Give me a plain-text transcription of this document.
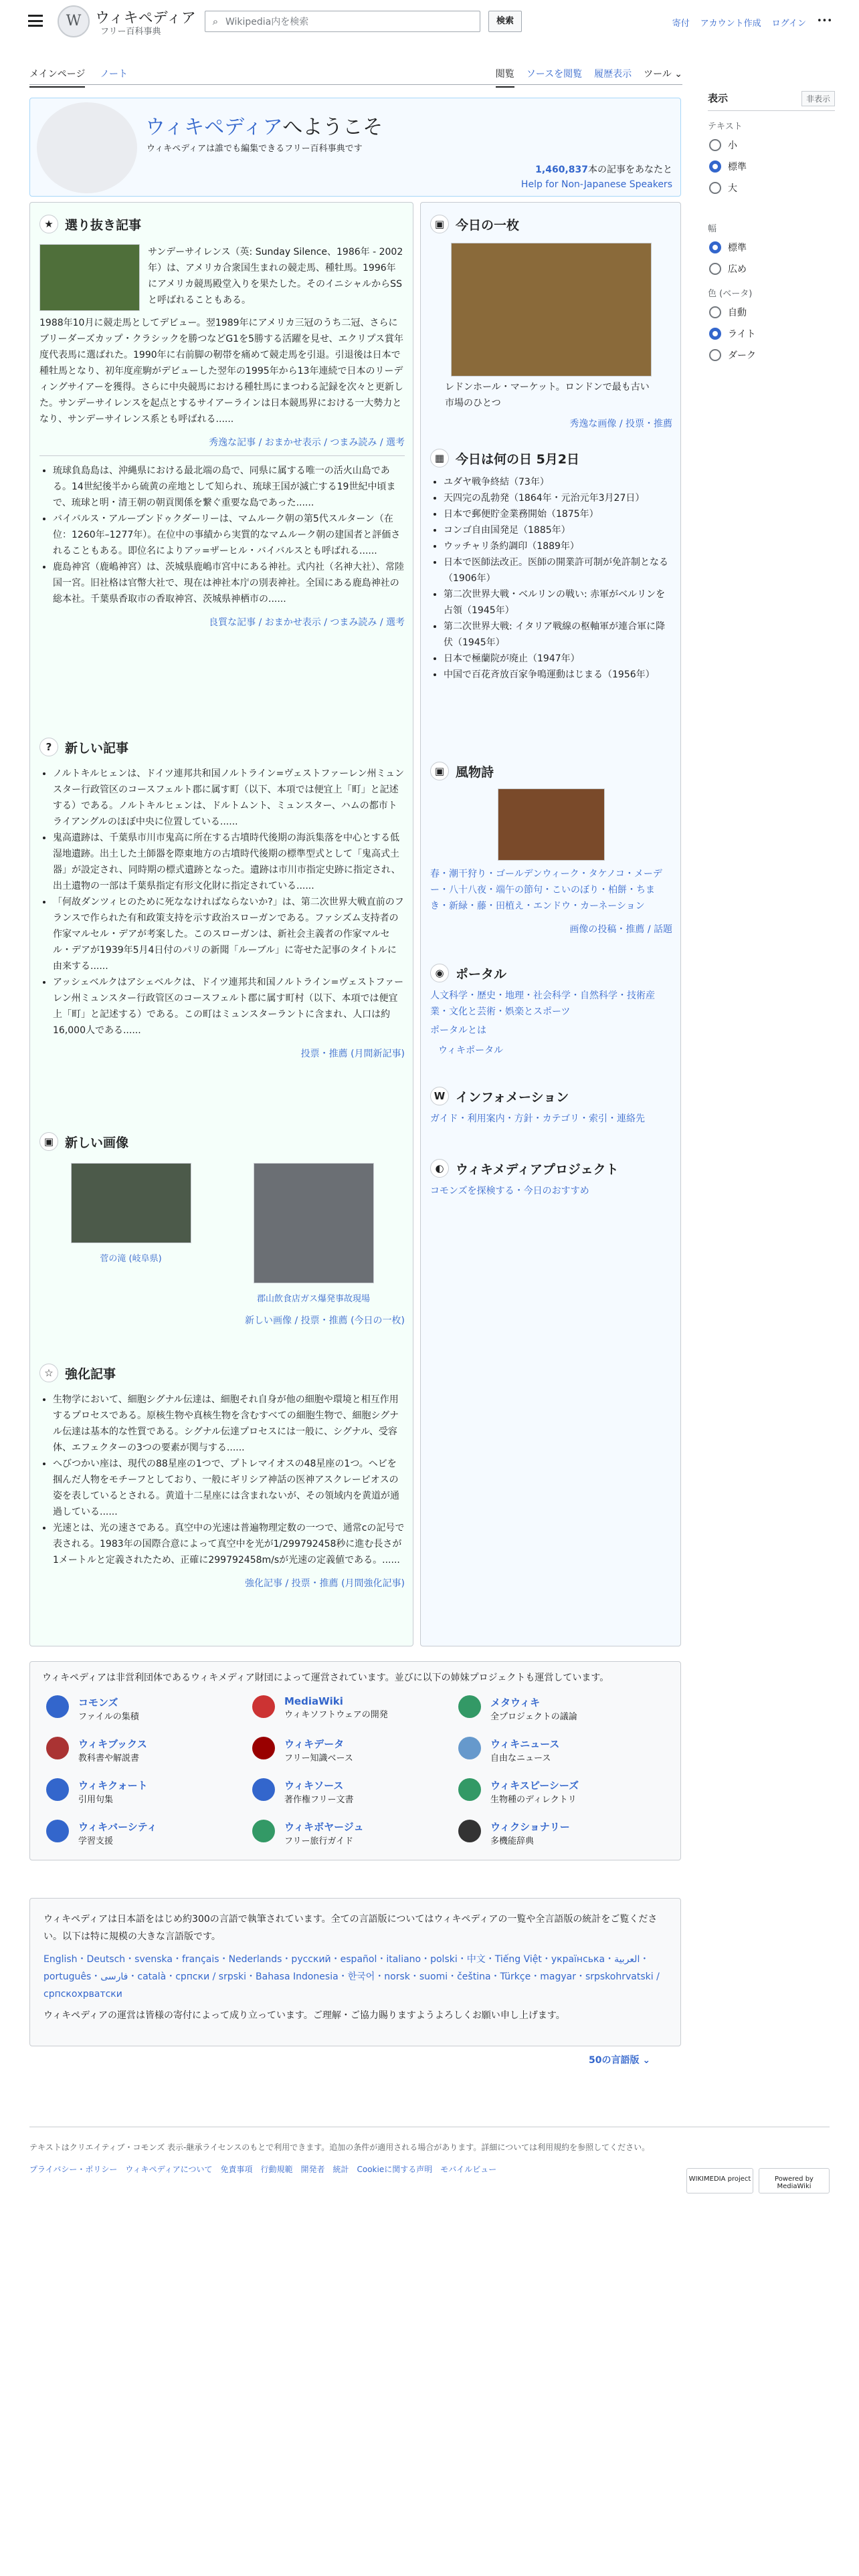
W
ウィキペディア
フリー百科事典
⌕ Wikipedia内を検索	検索	寄付 アカウント作成 ログイン •••
メインページ ノート	閲覧 ソースを閲覧 履歴表示 ツール ⌄
表示	非表示
テキスト
小
標準
大
幅
標準
広め
色 (ベータ)
自動
ライト
ダーク
ウィキペディアへようこそ
ウィキペディアは誰でも編集できるフリー百科事典です
1,460,837本の記事をあなたと
Help for Non-Japanese Speakers
★ 選り抜き記事
サンデーサイレンス（英: Sunday Silence、1986年 - 2002年）は、アメリカ合衆国生まれの競走馬、種牡馬。1996年にアメリカ競馬殿堂入りを果たした。そのイニシャルからSSと呼ばれることもある。
1988年10月に競走馬としてデビュー。翌1989年にアメリカ三冠のうち二冠、さらにブリーダーズカップ・クラシックを勝つなどG1を5勝する活躍を見せ、エクリプス賞年度代表馬に選ばれた。1990年に右前脚の靭帯を痛めて競走馬を引退。引退後は日本で種牡馬となり、初年度産駒がデビューした翌年の1995年から13年連続で日本のリーディングサイアーを獲得。さらに中央競馬における種牡馬にまつわる記録を次々と更新した。サンデーサイレンスを起点とするサイアーラインは日本競馬界における一大勢力となり、サンデーサイレンス系とも呼ばれる......
秀逸な記事 / おまかせ表示 / つまみ読み / 選考
• 琉球負島島は、沖縄県における最北端の島で、同県に属する唯一の活火山島である。14世紀後半から硫黄の産地として知られ、琉球王国が滅亡する19世紀中頃まで、琉球と明・清王朝の朝貢関係を繋ぐ重要な島であった......
• バイバルス・アルーブンドゥクダーリーは、マムルーク朝の第5代スルターン（在位：1260年–1277年）。在位中の事績から実質的なマムルーク朝の建国者と評価されることもある。即位名によりアッ=ザーヒル・バイバルスとも呼ばれる......
• 鹿島神宮（鹿嶋神宮）は、茨城県鹿嶋市宮中にある神社。式内社（名神大社）、常陸国一宮。旧社格は官幣大社で、現在は神社本庁の別表神社。全国にある鹿島神社の総本社。千葉県香取市の香取神宮、茨城県神栖市の......
良質な記事 / おまかせ表示 / つまみ読み / 選考
?	新しい記事
• ノルトキルヒェンは、ドイツ連邦共和国ノルトライン=ヴェストファーレン州ミュンスター行政管区のコースフェルト郡に属す町（以下、本項では便宜上「町」と記述する）である。ノルトキルヒェンは、ドルトムント、ミュンスター、ハムの都市トライアングルのほぼ中央に位置している......
• 鬼高遺跡は、千葉県市川市鬼高に所在する古墳時代後期の海浜集落を中心とする低湿地遺跡。出土した土師器を際東地方の古墳時代後期の標準型式として「鬼高式土器」が設定され、同時期の標式遺跡となった。遺跡は市川市指定史跡に指定され、出土遺物の一部は千葉県指定有形文化財に指定されている......
• 「何故ダンツィヒのために死ななければならないか?」は、第二次世界大戦直前のフランスで作られた有和政策支持を示す政治スローガンである。ファシズム支持者の作家マルセル・デアが考案した。このスローガンは、新社会主義者の作家マルセル・デアが1939年5月4日付のパリの新聞「ルーブル」に寄せた記事のタイトルに由来する......
• アッシェベルクはアシェベルクは、ドイツ連邦共和国ノルトライン=ヴェストファーレン州ミュンスター行政管区のコースフェルト郡に属す町村（以下、本項では便宜上「町」と記述する）である。この町はミュンスターラントに含まれ、人口は約16,000人である......
投票・推薦 (月間新記事)
▣ 新しい画像
菅の滝 (岐阜県)
郡山飲食店ガス爆発事故現場
新しい画像 / 投票・推薦 (今日の一枚)
☆ 強化記事
• 生物学において、細胞シグナル伝達は、細胞それ自身が他の細胞や環境と相互作用するプロセスである。原核生物や真核生物を含むすべての細胞生物で、細胞シグナル伝達は基本的な性質である。シグナル伝達プロセスには一般に、シグナル、受容体、エフェクターの3つの要素が関与する......
• へびつかい座は、現代の88星座の1つで、プトレマイオスの48星座の1つ。ヘビを掴んだ人物をモチーフとしており、一般にギリシア神話の医神アスクレーピオスの姿を表しているとされる。黄道十二星座には含まれないが、その領域内を黄道が通過している......
• 光速とは、光の速さである。真空中の光速は普遍物理定数の一つで、通常cの記号で表される。1983年の国際合意によって真空中を光が1/299792458秒に進む長さが1メートルと定義されたため、正確に299792458m/sが光速の定義値である。......
強化記事 / 投票・推薦 (月間強化記事)
▣ 今日の一枚
レドンホール・マーケット。ロンドンで最も古い市場のひとつ
秀逸な画像 / 投票・推薦
▦ 今日は何の日 5月2日
• ユダヤ戦争終結（73年）
• 天四完の乱勃発（1864年・元治元年3月27日）
• 日本で郵便貯金業務開始（1875年）
• コンゴ自由国発足（1885年）
• ウッチャリ条約調印（1889年）
• 日本で医師法改正。医師の開業許可制が免許制となる（1906年）
• 第二次世界大戦・ベルリンの戦い: 赤軍がベルリンを占領（1945年）
• 第二次世界大戦: イタリア戦線の枢軸軍が連合軍に降伏（1945年）
• 日本で極蘭院が廃止（1947年）
• 中国で百花斉放百家争鳴運動はじまる（1956年）
▣ 風物詩
春・潮干狩り・ゴールデンウィーク・タケノコ・メーデー・八十八夜・端午の節句・こいのぼり・柏餅・ちまき・新緑・藤・田植え・エンドウ・カーネーション
画像の投稿・推薦 / 話題
◉ ポータル
人文科学・歴史・地理・社会科学・自然科学・技術産業・文化と芸術・娯楽とスポーツ
ポータルとは
ウィキポータル
W インフォメーション
ガイド・利用案内・方針・カテゴリ・索引・連絡先
◐ ウィキメディアプロジェクト
コモンズを探検する・今日のおすすめ
ウィキペディアは非営利団体であるウィキメディア財団によって運営されています。並びに以下の姉妹プロジェクトも運営しています。
コモンズ
ファイルの集積
MediaWiki
ウィキソフトウェアの開発
メタウィキ
全プロジェクトの議論
ウィキブックス
教科書や解説書
ウィキデータ
フリー知識ベース
ウィキニュース
自由なニュース
ウィキクォート
引用句集
ウィキソース
著作権フリー文書
ウィキスピーシーズ
生物種のディレクトリ
ウィキバーシティ
学習支援
ウィキボヤージュ
フリー旅行ガイド
ウィクショナリー
多機能辞典
ウィキペディアは日本語をはじめ約300の言語で執筆されています。全ての言語版についてはウィキペディアの一覧や全言語版の統計をご覧ください。以下は特に規模の大きな言語版です。
English・Deutsch・svenska・français・Nederlands・русский・español・italiano・polski・中文・Tiếng Việt・українська・العربية・português・فارسی・català・српски / srpski・Bahasa Indonesia・한국어・norsk・suomi・čeština・Türkçe・magyar・srpskohrvatski / српскохрватски
ウィキペディアの運営は皆様の寄付によって成り立っています。ご理解・ご協力賜りますようよろしくお願い申し上げます。
50の言語版 ⌄
テキストはクリエイティブ・コモンズ 表示-継承ライセンスのもとで利用できます。追加の条件が適用される場合があります。詳細については利用規約を参照してください。
プライバシー・ポリシー　ウィキペディアについて　免責事項　行動規範　開発者　統計　Cookieに関する声明　モバイルビュー
WIKIMEDIA project	Powered by MediaWiki
